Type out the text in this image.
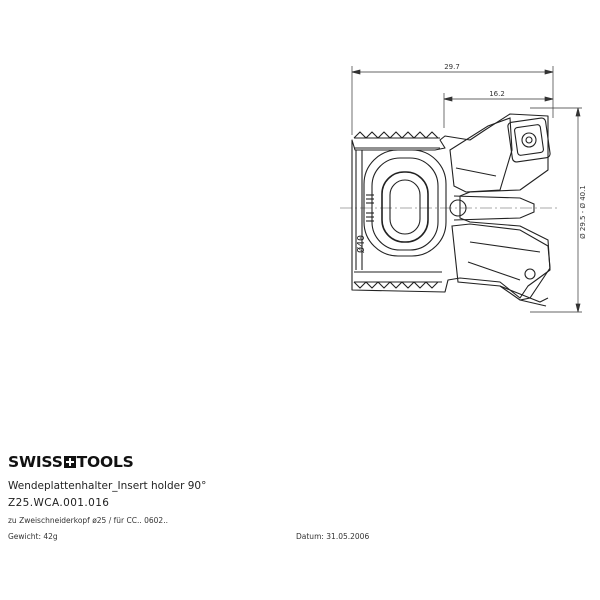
29.7
16.2
Ø 29.5 - Ø 40.1
Ø40
SWISS TOOLS
Wendeplattenhalter_Insert holder 90°
Z25.WCA.001.016
zu Zweischneiderkopf ø25 / für CC.. 0602..
Gewicht: 42g	Datum: 31.05.2006
